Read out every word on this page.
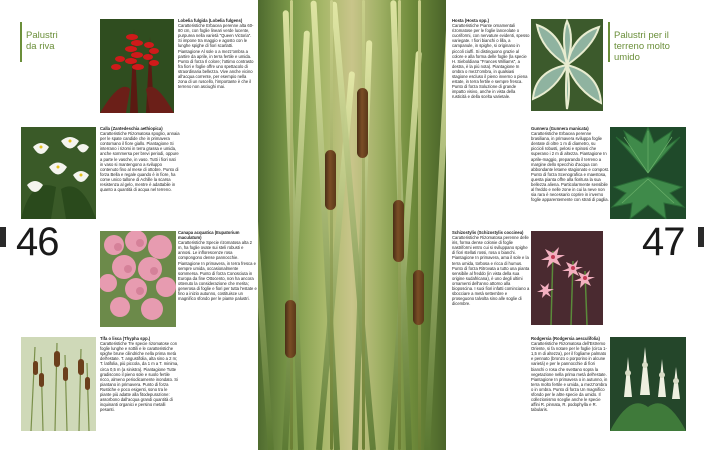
Palustri da riva
Lobelia fulgida (Lobelia fulgens)

Caratteristiche Erbacea perenne alta 60-80 cm, con foglie lineari verde lucente, purpurea nella varietà "Queen Victoria". Si impone tra maggio e agosto con le lunghe spighe di fiori scarlatti. Piantagione Al sole o a mezz'ombra a partire da aprile, in terra fertile e umida. Punto di forza Il colore; l'ottimo contrasto fra fiori e foglie offre uno spettacolo di straordinaria bellezza. Vive anche vicino all'acqua corrente, per esempio nella zona di un ruscello, l'importante è che il terreno non asciughi mai.

Calla (Zantedeschia aethiopica)

Caratteristiche Rizomatosa spoglio, annaia per le spate candide che in primavera contornano il fiore giallo. Piantagione Si interrano i rizomi in terra grassa e umida, anche sommersa per brevi periodi, oppure a parte le vasche, in vaso. Tutti i fiori nati in vaso si mantengono a sviluppo contenuto fino al mese di ottobre. Punto di forza Bella e regale quando è in fiore, ha come unico tallone di Achille la scarsa resistenza al gelo, mentre è adattabile in quanto a quantità di acqua nel terreno.

46	Canapa acquatica (Eupatorium maculatum)

Caratteristiche Specie rizomatosa alta 2 m, ha foglie ovate sui steli robusti e annosi. Le inflorescenze rosa compongono dense pannocchie. Piantagione In primavera, in terra fresca e sempre umida, occasionalmente sommersa. Punto di forza Conosciuta in Europa da fine Ottocento, non ha ancora ottenuto la considerazione che merita; generosa di foglie e fiori per tutta l'estate e fino a inizio autunno, costituisce un magnifico sfondo per le piante palustri.

Tifa o lisca (Thypha spp.)

Caratteristiche Tre specie rizomatose con foglie lunghe e sottili e le caratteristiche spighe brune cilindriche nella prima metà dell'estate. T. angustifolia, alta sino a 2 m; T. latifolia, più piccola, da 1 m a T. minima, circa 0,5 m (a sinistra). Piantagione Tutte gradiscono il pieno sole e suolo fertile ricco, almeno periodicamente inondato. Si piantano in primavera. Punto di forza Rustiche e poco esigenti, sono tra le piante più adatte alla fitodepurazione: assorbono dall'acqua grandi quantità di inquinanti organici e persino metalli pesanti.

Hosta (Hosta spp.)

Caratteristiche Piante ornamentali rizomatose per le foglie lanceolate o cuoriformi, con nervature evidenti, spesso variegate. I fiori bianchi o lilla, a campanule, in spighe, si originano in piccoli ciuffi. Si distinguono grazie al colore e alla forma delle foglie (la specie H. Sieboldiana "Frances Williams", a destra, è la più nota). Piantagione In ombra o mezz'ombra, in qualsiasi stagione escluso il pieno inverno o piena estate, in terra fertile e sempre fresca. Punto di forza Soluzione di grande impatto visivo, anche in vista della rusticità e della scelta varietale.

Palustri per il terreno molto umido
Gunnera (Gunnera manicata)

Caratteristiche Erbacea perenne brasiliana, in primavera sviluppa foglie dentate di oltre 1 m di diametro, su piccioli robusti, pelosi e spinosi che superano i 2 m di altezza. Piantagione In aprile-maggio, preparando il terreno a margine dello specchio d'acqua con abbondante letame stagionato e compost. Punto di forza Scenografica e maestosa, questa pianta offre alla fioritura la sua bellezza aliena. Particolarmente sensibile al freddo e nelle zone in cui la neve non sia rara è necessario coprire in inverno foglie apparentemente con strati di paglia.

47
Schizostylis (Schizostylis coccinea)

Caratteristiche Rizomatosa perenne delle iris, forma dense colonie di foglie nastriformi entro cui si sviluppano spighe di fiori stellati rossi, rosa o bianchi. Piantagione In primavera, ama il sole e la terra umida, torbosa e ricca di humus. Punto di forza Ritrovata a tutto una pianta sensibile al freddo (in vista della sua origine sudafricana), è uno degli ultimi ornamenti dell'anno attorno alla bioposcina. I suoi fiori infatti cominciano a sbocciare a metà settembre e proseguono talvolta sino alle soglie di dicembre.

Rodgersia (Rodgersia aesculifolia)

Caratteristiche Rizomatosa dell'Estremo Oriente, si fa notare per le foglie (circa 1-1,5 m di altezza), per il fogliame palmato e pennato (bronzo o porporino in alcune varietà) e per le pannocchie di fiori bianchi o rosa che svettano sopra la vegetazione nella prima metà dell'estate. Piantagione In primavera o in autunno, in terra molto fertile e umida, a mezz'ombra o in ombra. Punto di forza Un magnifico sfondo per le altre specie da umido. Il collezionismo sceglie anche le specie affini R. pinnata, R. podophylla e R. tabularis.
